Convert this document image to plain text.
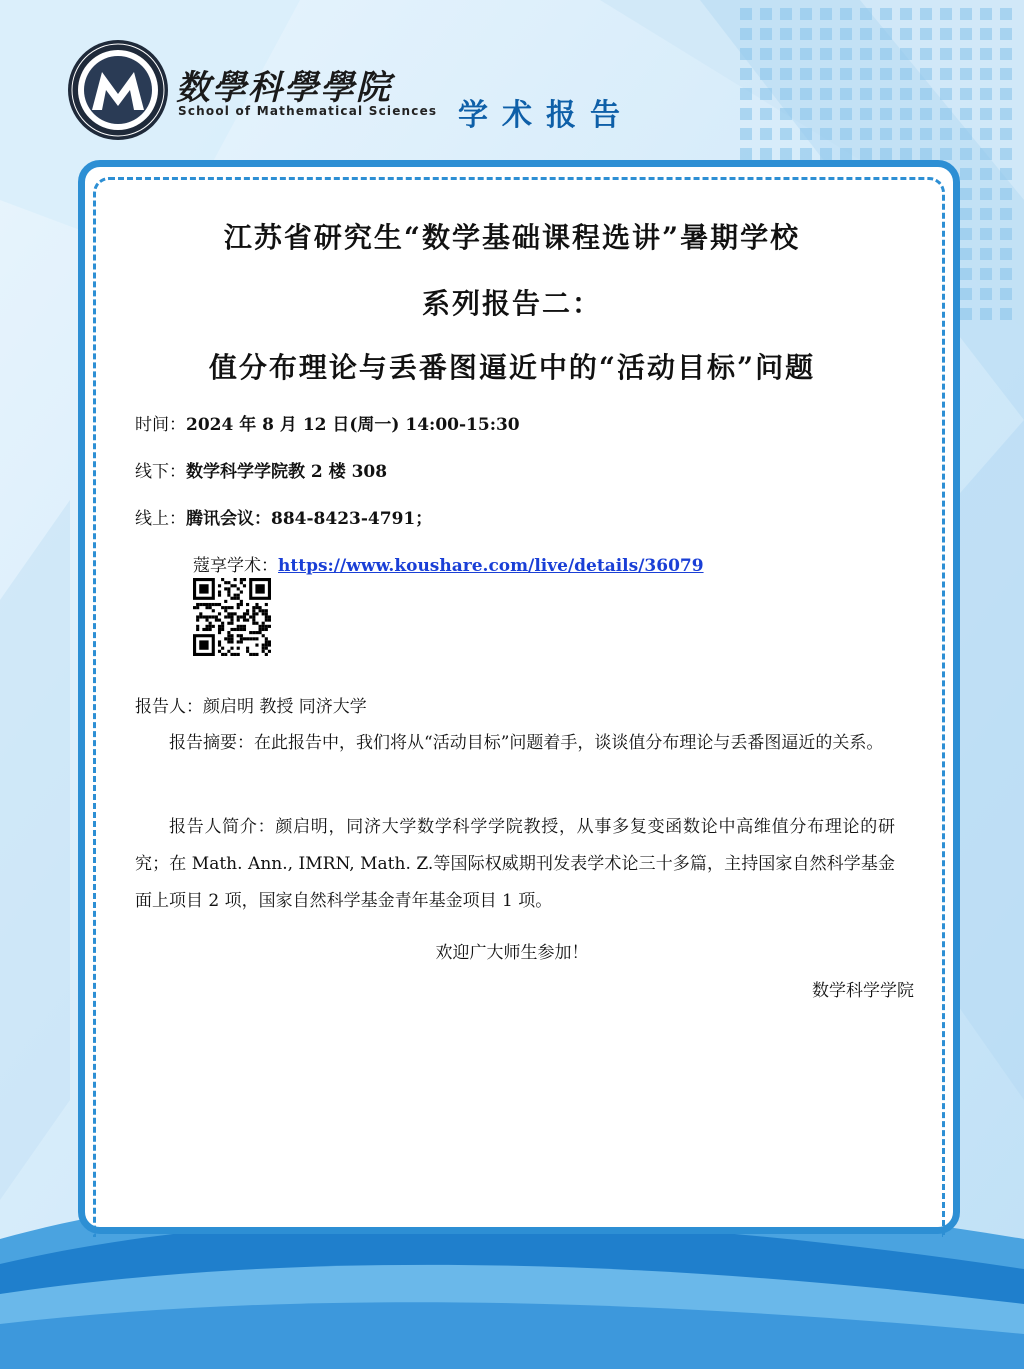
数學科學學院
School of Mathematical Sciences 学术报告
江苏省研究生“数学基础课程选讲”暑期学校
系列报告二：
值分布理论与丢番图逼近中的“活动目标”问题
时间：2024 年 8 月 12 日(周一) 14:00-15:30
线下：数学科学学院教 2 楼 308
线上：腾讯会议：884-8423-4791；
蔻享学术：https://www.koushare.com/live/details/36079
报告人：颜启明 教授 同济大学
报告摘要：在此报告中，我们将从“活动目标”问题着手，谈谈值分布理论与丢番图逼近的关系。
报告人简介：颜启明，同济大学数学科学学院教授，从事多复变函数论中高维值分布理论的研究；在 Math. Ann., IMRN, Math. Z.等国际权威期刊发表学术论三十多篇，主持国家自然科学基金面上项目 2 项，国家自然科学基金青年基金项目 1 项。
欢迎广大师生参加！
数学科学学院
